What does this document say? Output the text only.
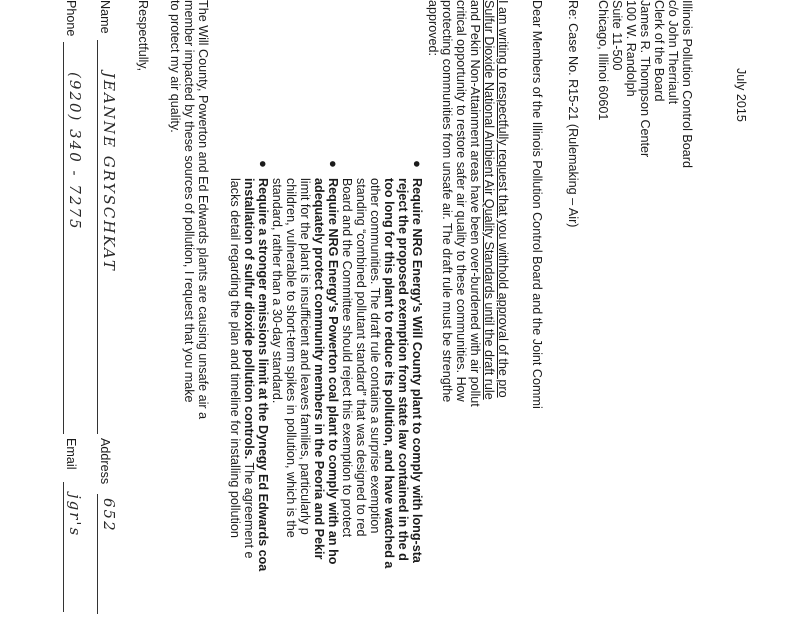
July 2015
Illinois Pollution Control Board
c/o John Therriault
Clerk of the Board
James R. Thompson Center
100 W. Randolph
Suite 11-500
Chicago, Illinoi 60601
Re: Case No. R15-21 (Rulemaking – Air)
Dear Members of the Illinois Pollution Control Board and the Joint Commi
I am writing to respectfully request that you withhold approval of the pro
Sulfur Dioxide National Ambient Air Quality Standards until the draft rule
and Pekin Non-Attainment areas have been over-burdened with air pollut
critical opportunity to restore safer air quality to these communities. How
protecting communities from unsafe air. The draft rule must be strengthe
approved:
●
Require NRG Energy's Will County plant to comply with long-sta
reject the proposed exemption from state law contained in the d
too long for this plant to reduce its pollution, and have watched a
other communities. The draft rule contains a surprise exemption
standing “combined pollutant standard” that was designed to red
Board and the Committee should reject this exemption to protect
●
Require NRG Energy's Powerton coal plant to comply with an ho
adequately protect community members in the Peoria and Pekir
limit for the plant is insufficient and leaves families, particularly p
children, vulnerable to short-term spikes in pollution, which is the
standard, rather than a 30-day standard.
●
Require a stronger emissions limit at the Dynegy Ed Edwards coa
installation of sulfur dioxide pollution controls. The agreement e
lacks detail regarding the plan and timeline for installing pollution
The Will County, Powerton and Ed Edwards plants are causing unsafe air a
member impacted by these sources of pollution, I request that you make
to protect my air quality.
Respectfully,
Name
JEANNE GRYSCHKAT
Address
652
Phone
(920) 340 - 7275
Email
jgr's
